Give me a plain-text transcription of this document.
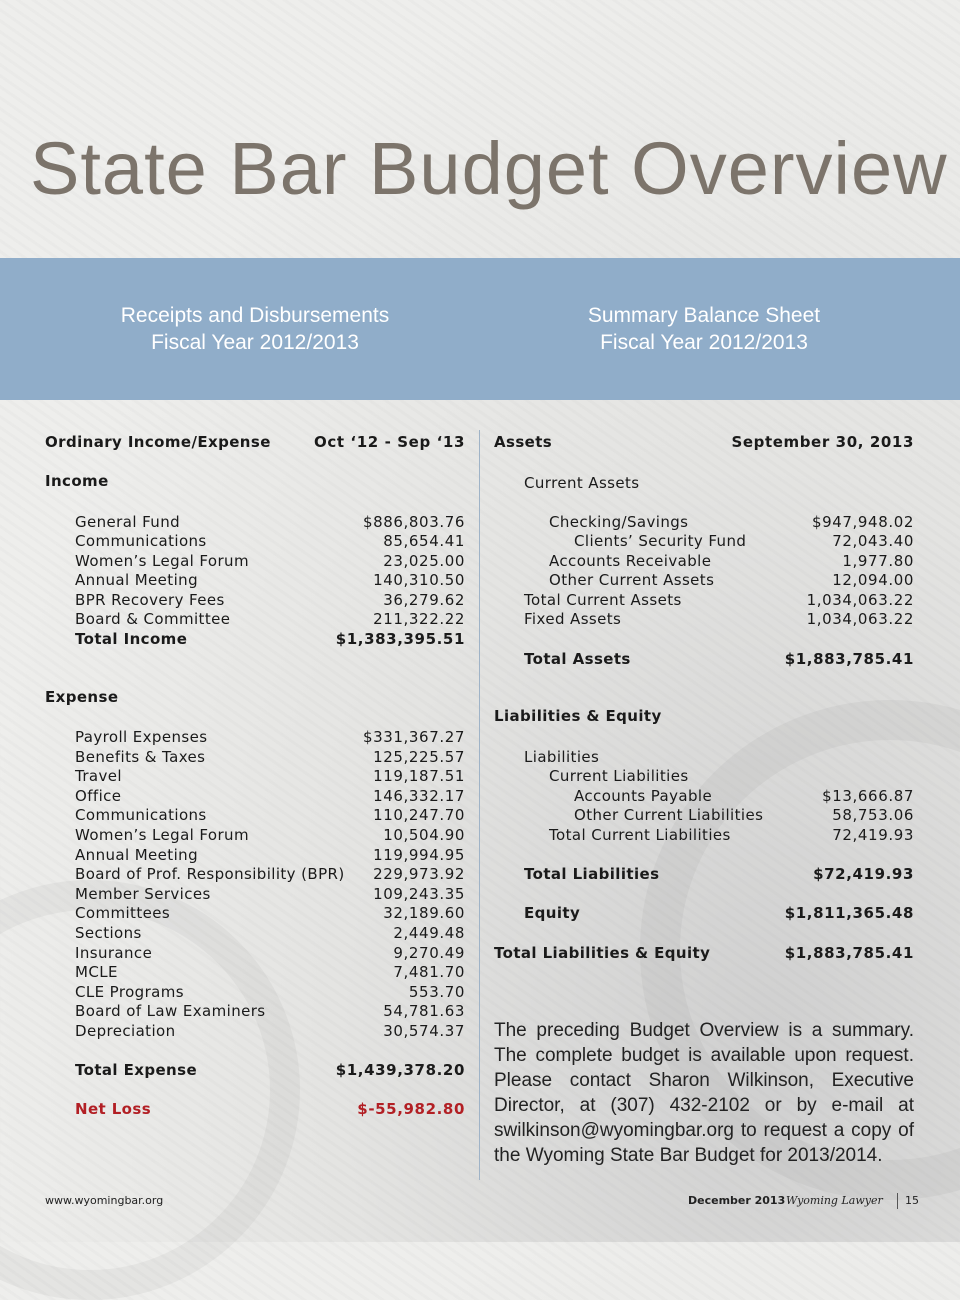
State Bar Budget Overview
Receipts and Disbursements
Fiscal Year 2012/2013
Summary Balance Sheet
Fiscal Year 2012/2013
Ordinary Income/Expense	Oct ‘12 - Sep ‘13
Income
General Fund	$886,803.76
Communications	85,654.41
Women’s Legal Forum	23,025.00
Annual Meeting	140,310.50
BPR Recovery Fees	36,279.62
Board & Committee	211,322.22
Total Income	$1,383,395.51
Expense
Payroll Expenses	$331,367.27
Benefits & Taxes	125,225.57
Travel	119,187.51
Office	146,332.17
Communications	110,247.70
Women’s Legal Forum	10,504.90
Annual Meeting	119,994.95
Board of Prof. Responsibility (BPR) 229,973.92
Member Services	109,243.35
Committees	32,189.60
Sections	2,449.48
Insurance	9,270.49
MCLE	7,481.70
CLE Programs	553.70
Board of Law Examiners	54,781.63
Depreciation	30,574.37
Total Expense	$1,439,378.20
Net Loss	$-55,982.80
Assets	September 30, 2013
Current Assets
Checking/Savings	$947,948.02
Clients’ Security Fund	72,043.40
Accounts Receivable	1,977.80
Other Current Assets	12,094.00
Total Current Assets	1,034,063.22
Fixed Assets	1,034,063.22
Total Assets	$1,883,785.41
Liabilities & Equity
Liabilities
Current Liabilities
Accounts Payable	$13,666.87
Other Current Liabilities	58,753.06
Total Current Liabilities	72,419.93
Total Liabilities	$72,419.93
Equity	$1,811,365.48
Total Liabilities & Equity	$1,883,785.41

The preceding Budget Overview is a summary. The complete budget is available upon request. Please contact Sharon Wilkinson, Executive Director, at (307) 432-2102 or by e-mail at swilkinson@wyomingbar.org to request a copy of the Wyoming State Bar Budget for 2013/2014.

www.wyomingbar.org	December 2013 Wyoming Lawyer 15
